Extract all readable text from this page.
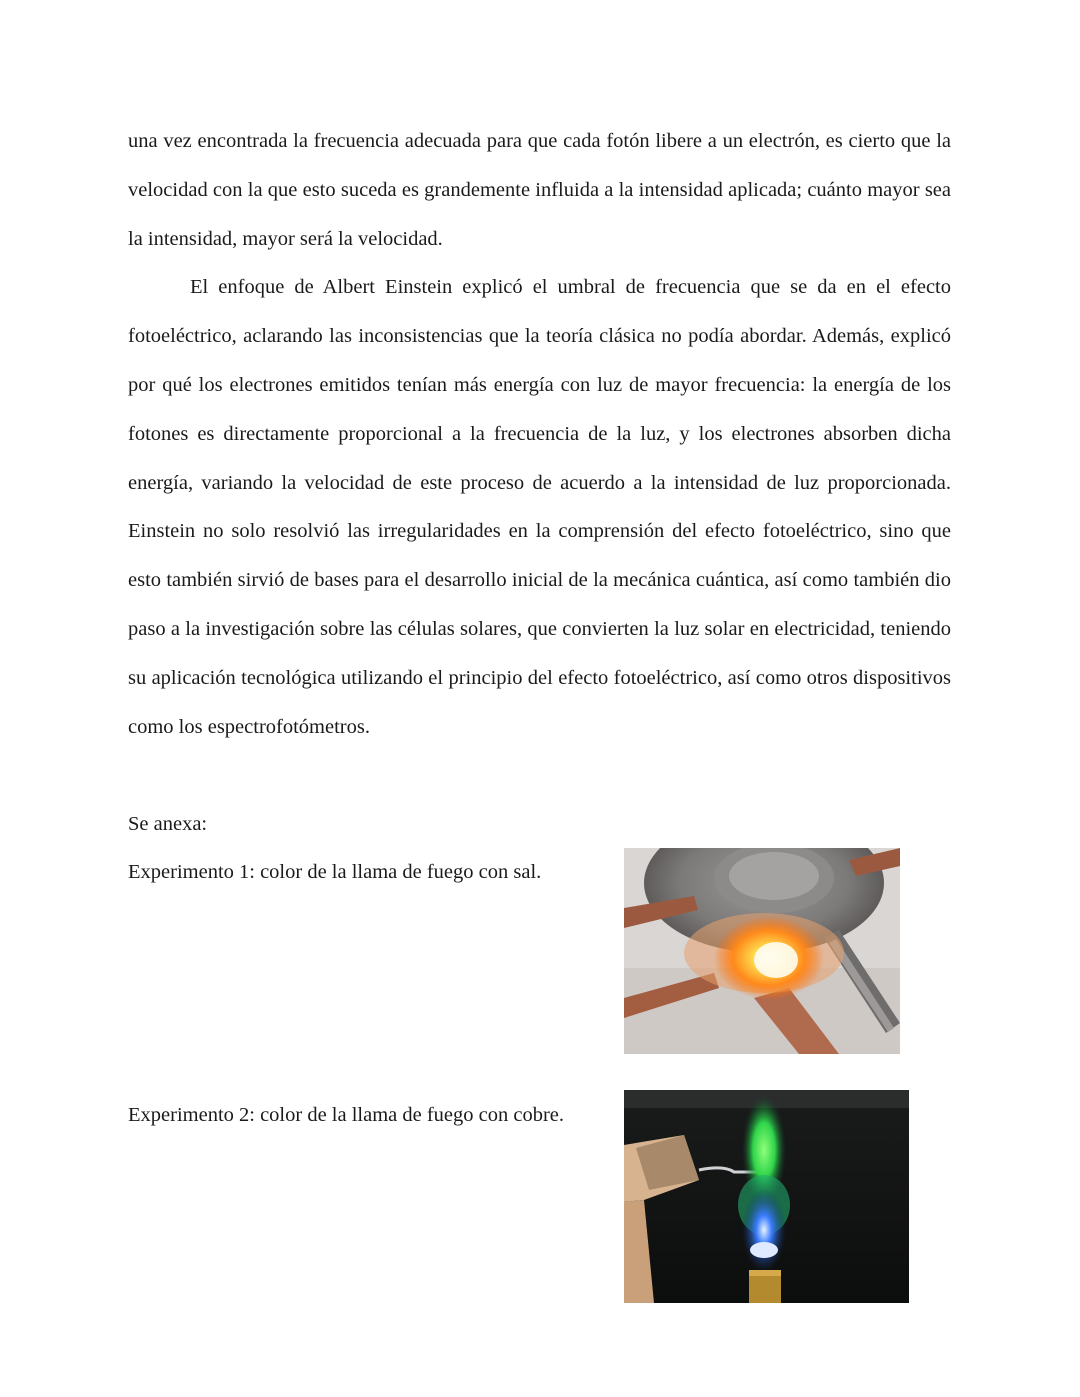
una vez encontrada la frecuencia adecuada para que cada fotón libere a un electrón, es cierto que la velocidad con la que esto suceda es grandemente influida a la intensidad aplicada; cuánto mayor sea la intensidad, mayor será la velocidad.

El enfoque de Albert Einstein explicó el umbral de frecuencia que se da en el efecto fotoeléctrico, aclarando las inconsistencias que la teoría clásica no podía abordar. Además, explicó por qué los electrones emitidos tenían más energía con luz de mayor frecuencia: la energía de los fotones es directamente proporcional a la frecuencia de la luz, y los electrones absorben dicha energía, variando la velocidad de este proceso de acuerdo a la intensidad de luz proporcionada. Einstein no solo resolvió las irregularidades en la comprensión del efecto fotoeléctrico, sino que esto también sirvió de bases para el desarrollo inicial de la mecánica cuántica, así como también dio paso a la investigación sobre las células solares, que convierten la luz solar en electricidad, teniendo su aplicación tecnológica utilizando el principio del efecto fotoeléctrico, así como otros dispositivos como los espectrofotómetros.

Se anexa:
Experimento 1: color de la llama de fuego con sal.
Experimento 2: color de la llama de fuego con cobre.
